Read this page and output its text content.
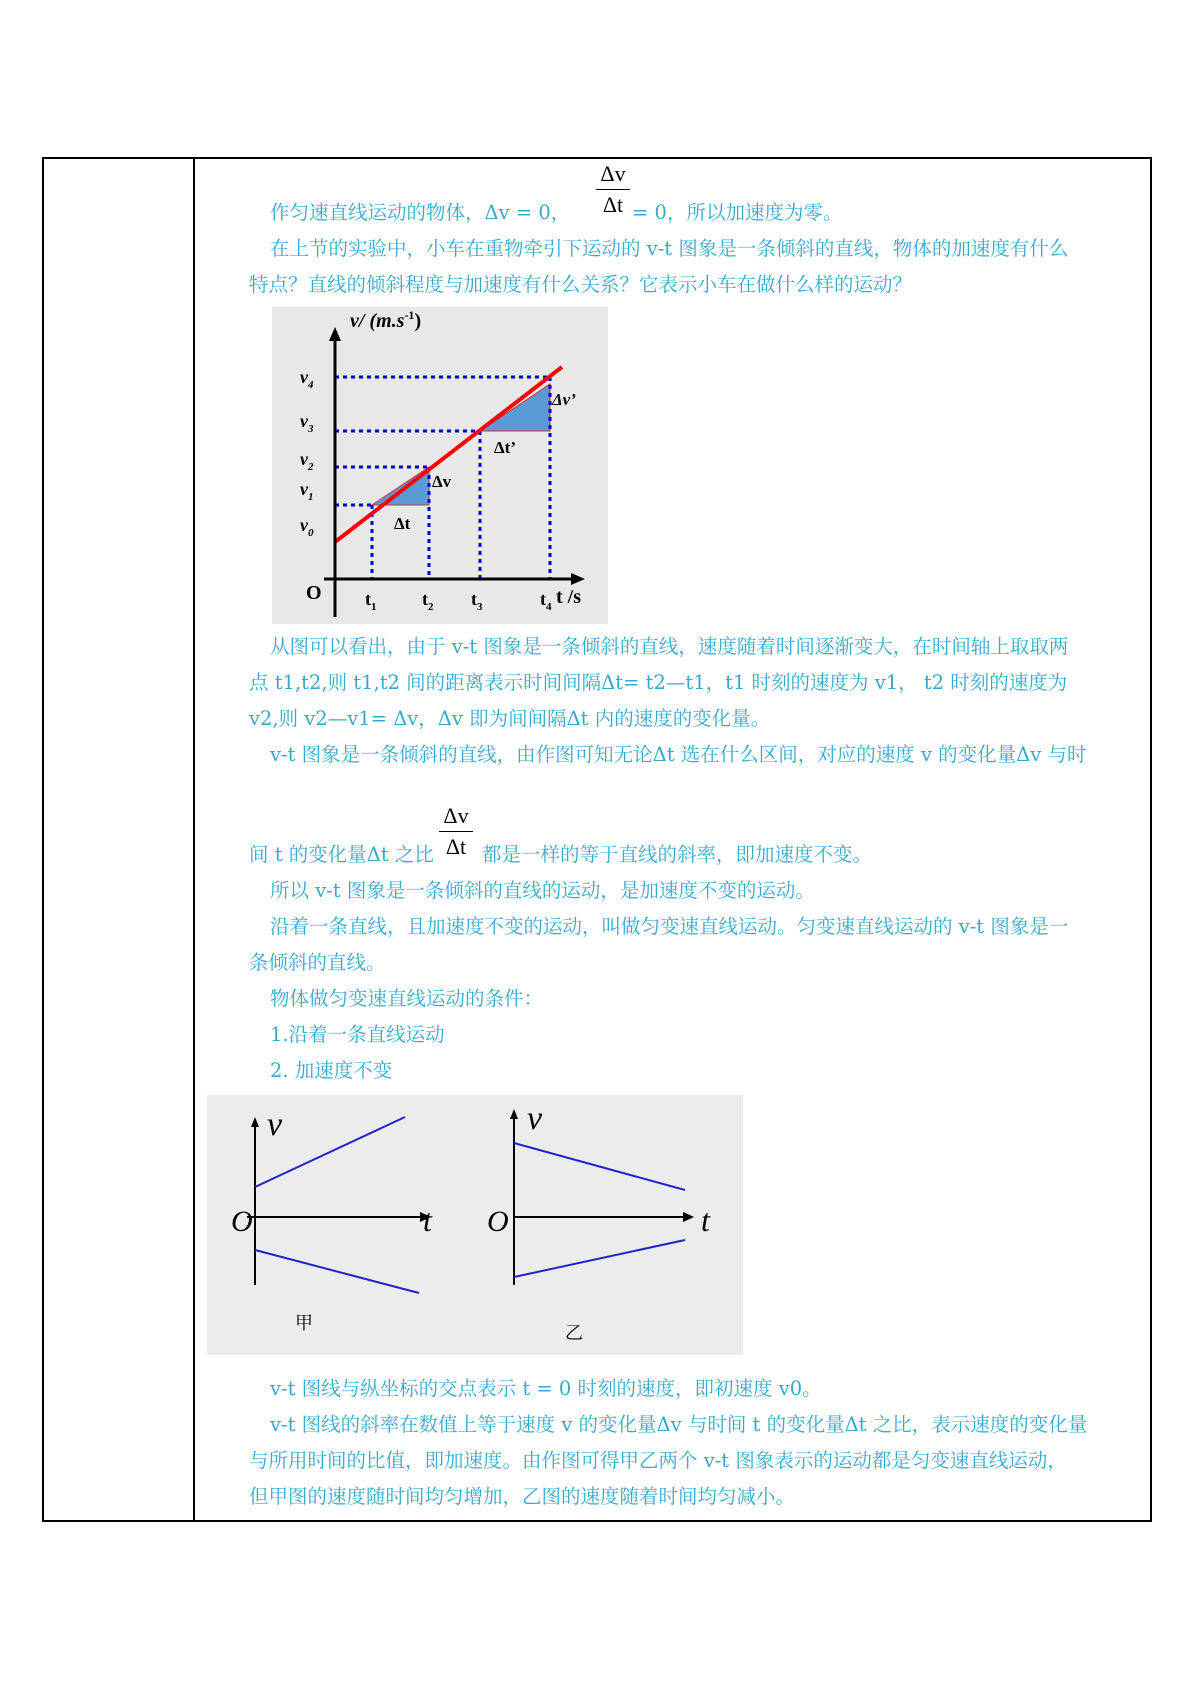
$\frac{\Delta v}{\Delta t}$
作匀速直线运动的物体，Δv = 0，	= 0，所以加速度为零。
在上节的实验中，小车在重物牵引下运动的 v-t 图象是一条倾斜的直线，物体的加速度有什么
特点？直线的倾斜程度与加速度有什么关系？它表示小车在做什么样的运动？
v/ $(m.s^{-1})$
$v_4$
$v_3$
$v_2$
$v_1$
$v_0$
O $t_1$	$t_2$ $t_3$	$t_4$ t /s
Δv
Δt
Δv’
Δt’
从图可以看出，由于 v-t 图象是一条倾斜的直线，速度随着时间逐渐变大，在时间轴上取取两
点 t1,t2,则 t1,t2 间的距离表示时间间隔Δt= t2—t1，t1 时刻的速度为 v1， t2 时刻的速度为
v2,则 v2—v1= Δv，Δv 即为间间隔Δt 内的速度的变化量。
v-t 图象是一条倾斜的直线，由作图可知无论Δt 选在什么区间，对应的速度 v 的变化量Δv 与时
$\frac{\Delta v}{\Delta t}$
间 t 的变化量Δt 之比 都是一样的等于直线的斜率，即加速度不变。
所以 v-t 图象是一条倾斜的直线的运动，是加速度不变的运动。
沿着一条直线，且加速度不变的运动，叫做匀变速直线运动。匀变速直线运动的 v-t 图象是一
条倾斜的直线。
物体做匀变速直线运动的条件：
1.沿着一条直线运动
2. 加速度不变
v
O	t
甲
v
O	t
乙
v-t 图线与纵坐标的交点表示 t = 0 时刻的速度，即初速度 v0。
v-t 图线的斜率在数值上等于速度 v 的变化量Δv 与时间 t 的变化量Δt 之比，表示速度的变化量
与所用时间的比值，即加速度。由作图可得甲乙两个 v-t 图象表示的运动都是匀变速直线运动，
但甲图的速度随时间均匀增加，乙图的速度随着时间均匀减小。
